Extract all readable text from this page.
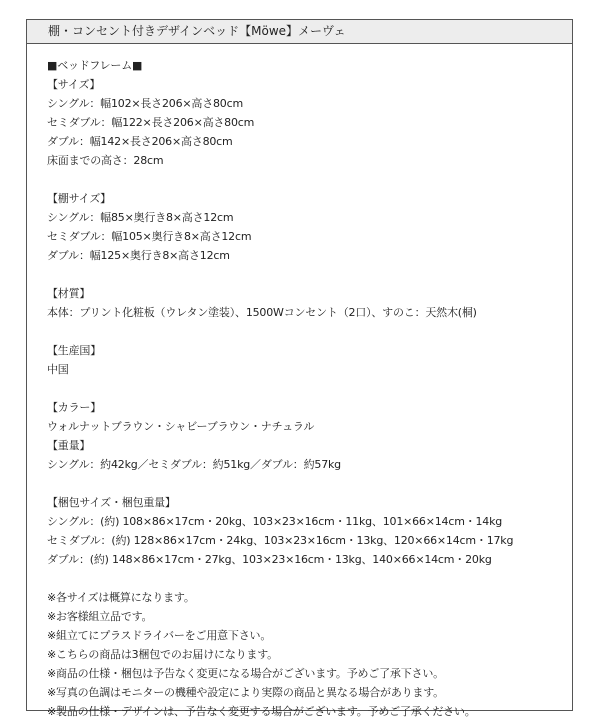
棚・コンセント付きデザインベッド【Möwe】メーヴェ
■ベッドフレーム■
【サイズ】
シングル：幅102×長さ206×高さ80cm
セミダブル：幅122×長さ206×高さ80cm
ダブル：幅142×長さ206×高さ80cm
床面までの高さ：28cm
【棚サイズ】
シングル：幅85×奥行き8×高さ12cm
セミダブル：幅105×奥行き8×高さ12cm
ダブル：幅125×奥行き8×高さ12cm
【材質】
本体：プリント化粧板（ウレタン塗装）、1500Wコンセント（2口）、すのこ：天然木(桐)
【生産国】
中国
【カラー】
ウォルナットブラウン・シャビーブラウン・ナチュラル
【重量】
シングル：約42kg／セミダブル：約51kg／ダブル：約57kg
【梱包サイズ・梱包重量】
シングル：(約) 108×86×17cm・20kg、103×23×16cm・11kg、101×66×14cm・14kg
セミダブル：(約) 128×86×17cm・24kg、103×23×16cm・13kg、120×66×14cm・17kg
ダブル：(約) 148×86×17cm・27kg、103×23×16cm・13kg、140×66×14cm・20kg
※各サイズは概算になります。
※お客様組立品です。
※組立てにプラスドライバーをご用意下さい。
※こちらの商品は3梱包でのお届けになります。
※商品の仕様・梱包は予告なく変更になる場合がございます。予めご了承下さい。
※写真の色調はモニターの機種や設定により実際の商品と異なる場合があります。
※製品の仕様・デザインは、予告なく変更する場合がございます。予めご了承ください。
